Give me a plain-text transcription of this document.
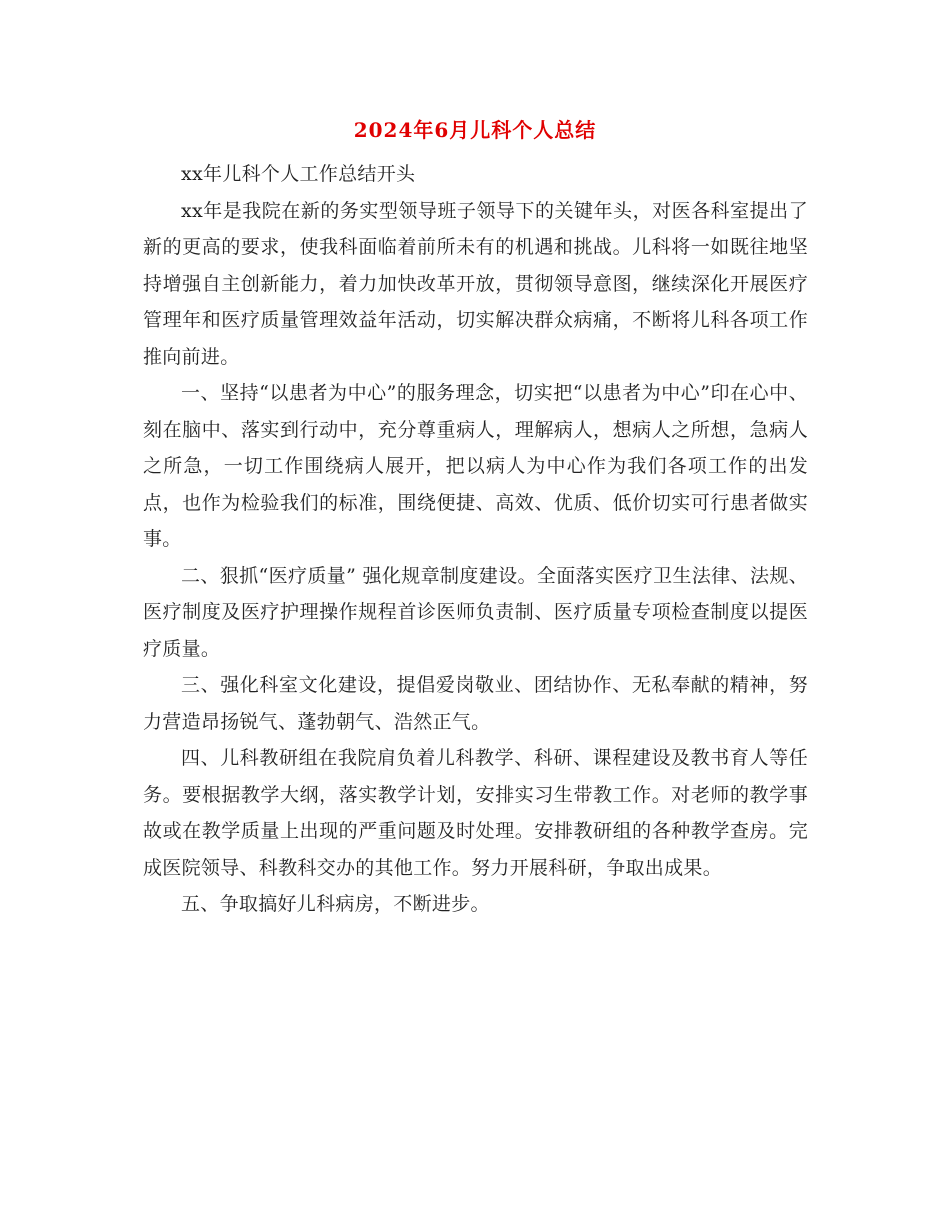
2024年6月儿科个人总结

xx年儿科个人工作总结开头

xx年是我院在新的务实型领导班子领导下的关键年头，对医各科室提出了新的更高的要求，使我科面临着前所未有的机遇和挑战。儿科将一如既往地坚持增强自主创新能力，着力加快改革开放，贯彻领导意图，继续深化开展医疗管理年和医疗质量管理效益年活动，切实解决群众病痛，不断将儿科各项工作推向前进。

一、坚持“以患者为中心”的服务理念，切实把“以患者为中心”印在心中、刻在脑中、落实到行动中，充分尊重病人，理解病人，想病人之所想，急病人之所急，一切工作围绕病人展开，把以病人为中心作为我们各项工作的出发点，也作为检验我们的标准，围绕便捷、高效、优质、低价切实可行患者做实事。

二、狠抓“医疗质量” 强化规章制度建设。全面落实医疗卫生法律、法规、医疗制度及医疗护理操作规程首诊医师负责制、医疗质量专项检查制度以提医疗质量。

三、强化科室文化建设，提倡爱岗敬业、团结协作、无私奉献的精神，努力营造昂扬锐气、蓬勃朝气、浩然正气。

四、儿科教研组在我院肩负着儿科教学、科研、课程建设及教书育人等任务。要根据教学大纲，落实教学计划，安排实习生带教工作。对老师的教学事故或在教学质量上出现的严重问题及时处理。安排教研组的各种教学查房。完成医院领导、科教科交办的其他工作。努力开展科研，争取出成果。

五、争取搞好儿科病房，不断进步。
